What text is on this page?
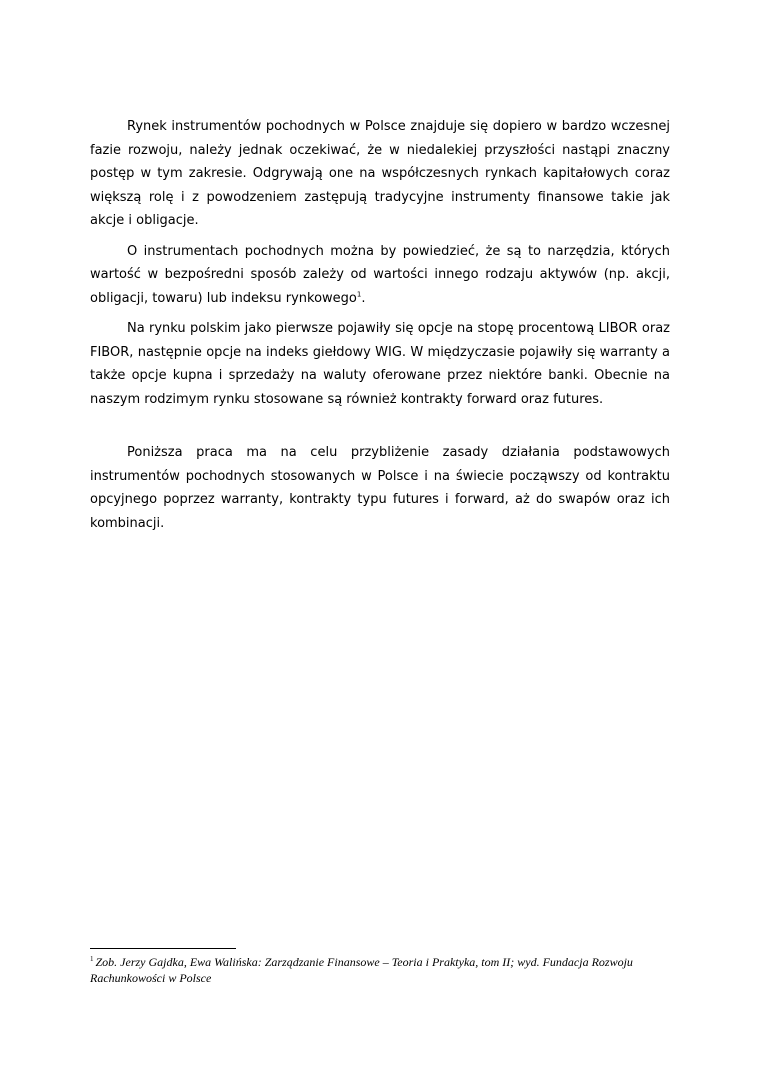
Rynek instrumentów pochodnych w Polsce znajduje się dopiero w bardzo wczesnej fazie rozwoju, należy jednak oczekiwać, że w niedalekiej przyszłości nastąpi znaczny postęp w tym zakresie. Odgrywają one na współczesnych rynkach kapitałowych coraz większą rolę i z powodzeniem zastępują tradycyjne instrumenty finansowe takie jak akcje i obligacje.

O instrumentach pochodnych można by powiedzieć, że są to narzędzia, których wartość w bezpośredni sposób zależy od wartości innego rodzaju aktywów (np. akcji, obligacji, towaru) lub indeksu rynkowego$^1$.

Na rynku polskim jako pierwsze pojawiły się opcje na stopę procentową LIBOR oraz FIBOR, następnie opcje na indeks giełdowy WIG. W międzyczasie pojawiły się warranty a także opcje kupna i sprzedaży na waluty oferowane przez niektóre banki. Obecnie na naszym rodzimym rynku stosowane są również kontrakty forward oraz futures.

Poniższa praca ma na celu przybliżenie zasady działania podstawowych instrumentów pochodnych stosowanych w Polsce i na świecie począwszy od kontraktu opcyjnego poprzez warranty, kontrakty typu futures i forward, aż do swapów oraz ich kombinacji.

$^1$ Zob. Jerzy Gajdka, Ewa Walińska: Zarządzanie Finansowe – Teoria i Praktyka, tom II; wyd. Fundacja Rozwoju Rachunkowości w Polsce
